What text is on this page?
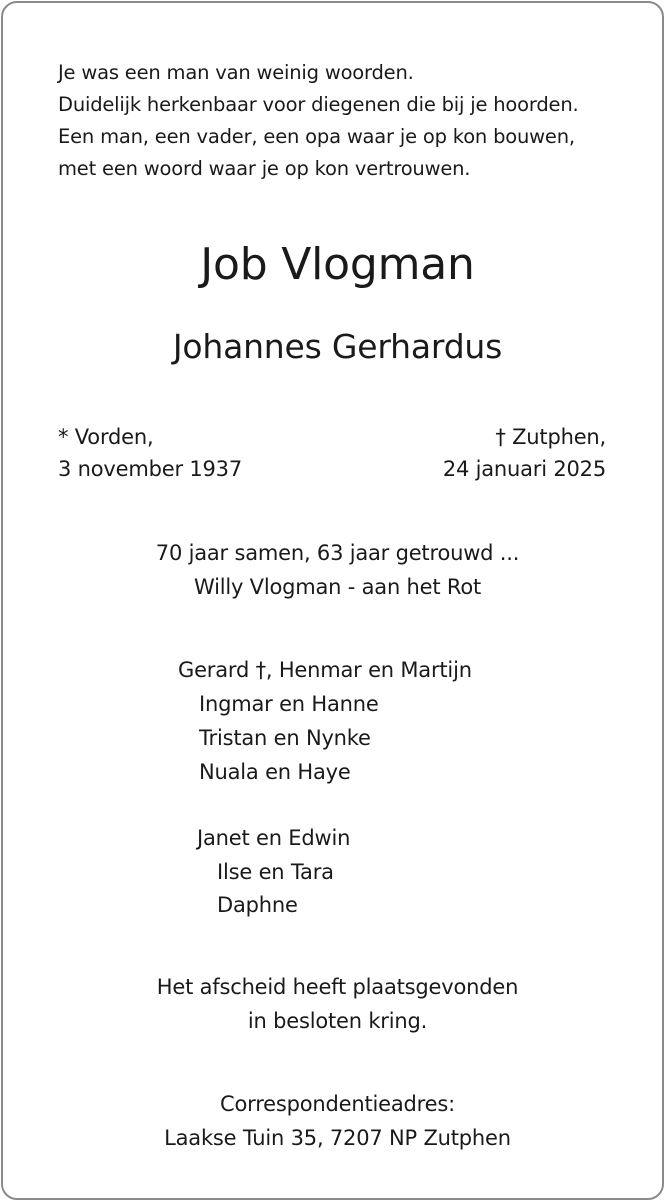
Je was een man van weinig woorden.
Duidelijk herkenbaar voor diegenen die bij je hoorden.
Een man, een vader, een opa waar je op kon bouwen,
met een woord waar je op kon vertrouwen.
Job Vlogman
Johannes Gerhardus
* Vorden,
3 november 1937
† Zutphen,
24 januari 2025
70 jaar samen, 63 jaar getrouwd ...
Willy Vlogman - aan het Rot
Gerard †, Henmar en Martijn
Ingmar en Hanne
Tristan en Nynke
Nuala en Haye
Janet en Edwin
Ilse en Tara
Daphne
Het afscheid heeft plaatsgevonden
in besloten kring.
Correspondentieadres:
Laakse Tuin 35, 7207 NP Zutphen
